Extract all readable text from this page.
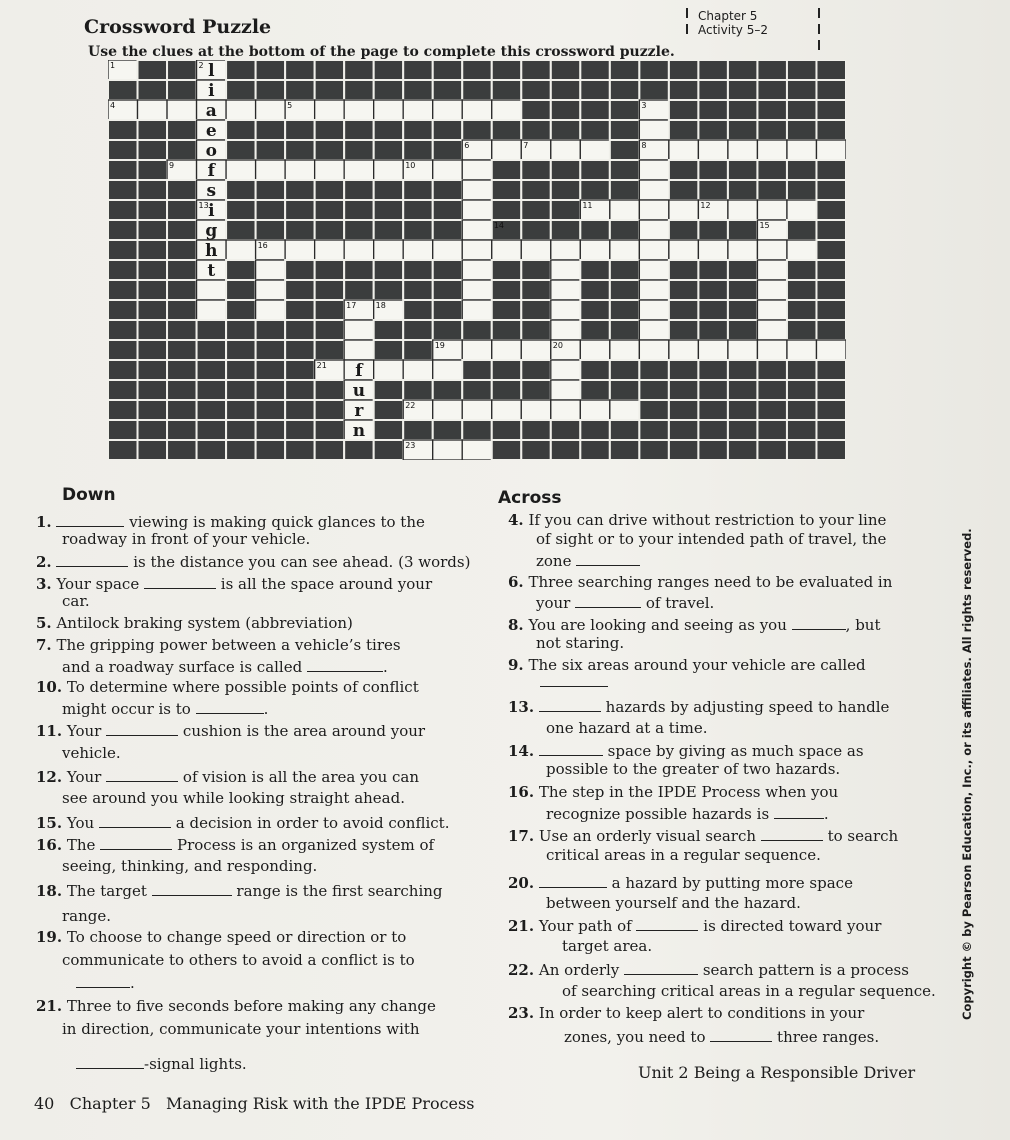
Crossword Puzzle
Use the clues at the bottom of the page to complete this crossword puzzle.
Chapter 5
Activity 5–2
1	2
3
4	5
6	7	8
9	10
11	12
13
14	15
16
17 18
19	20
21
22
23
l
i
a
e
o
f
s
i
g
h
t
f
u
r
n
Down	Across
1.	viewing is making quick glances to the
roadway in front of your vehicle.
2.	is the distance you can see ahead. (3 words)
3. Your space	is all the space around your
car.
5. Antilock braking system (abbreviation)
7. The gripping power between a vehicle’s tires
and a roadway surface is called	.
10. To determine where possible points of conflict
might occur is to	.
11. Your	cushion is the area around your
vehicle.
12. Your	of vision is all the area you can
see around you while looking straight ahead.
15. You	a decision in order to avoid conflict.
16. The	Process is an organized system of
seeing, thinking, and responding.
18. The target	range is the first searching
range.
19. To choose to change speed or direction or to
communicate to others to avoid a conflict is to
.
21. Three to five seconds before making any change
in direction, communicate your intentions with
-signal lights.
4. If you can drive without restriction to your line
of sight or to your intended path of travel, the
zone
6. Three searching ranges need to be evaluated in
your	of travel.
8. You are looking and seeing as you	, but
not staring.
9. The six areas around your vehicle are called
13.	hazards by adjusting speed to handle
one hazard at a time.
14.	space by giving as much space as
possible to the greater of two hazards.
16. The step in the IPDE Process when you
recognize possible hazards is	.
17. Use an orderly visual search	to search
critical areas in a regular sequence.
20.	a hazard by putting more space
between yourself and the hazard.
21. Your path of	is directed toward your
target area.
22. An orderly	search pattern is a process
of searching critical areas in a regular sequence.
23. In order to keep alert to conditions in your
zones, you need to	three ranges.
Unit 2 Being a Responsible Driver
40   Chapter 5   Managing Risk with the IPDE Process
Copyright © by Pearson Education, Inc., or its affiliates. All rights reserved.
